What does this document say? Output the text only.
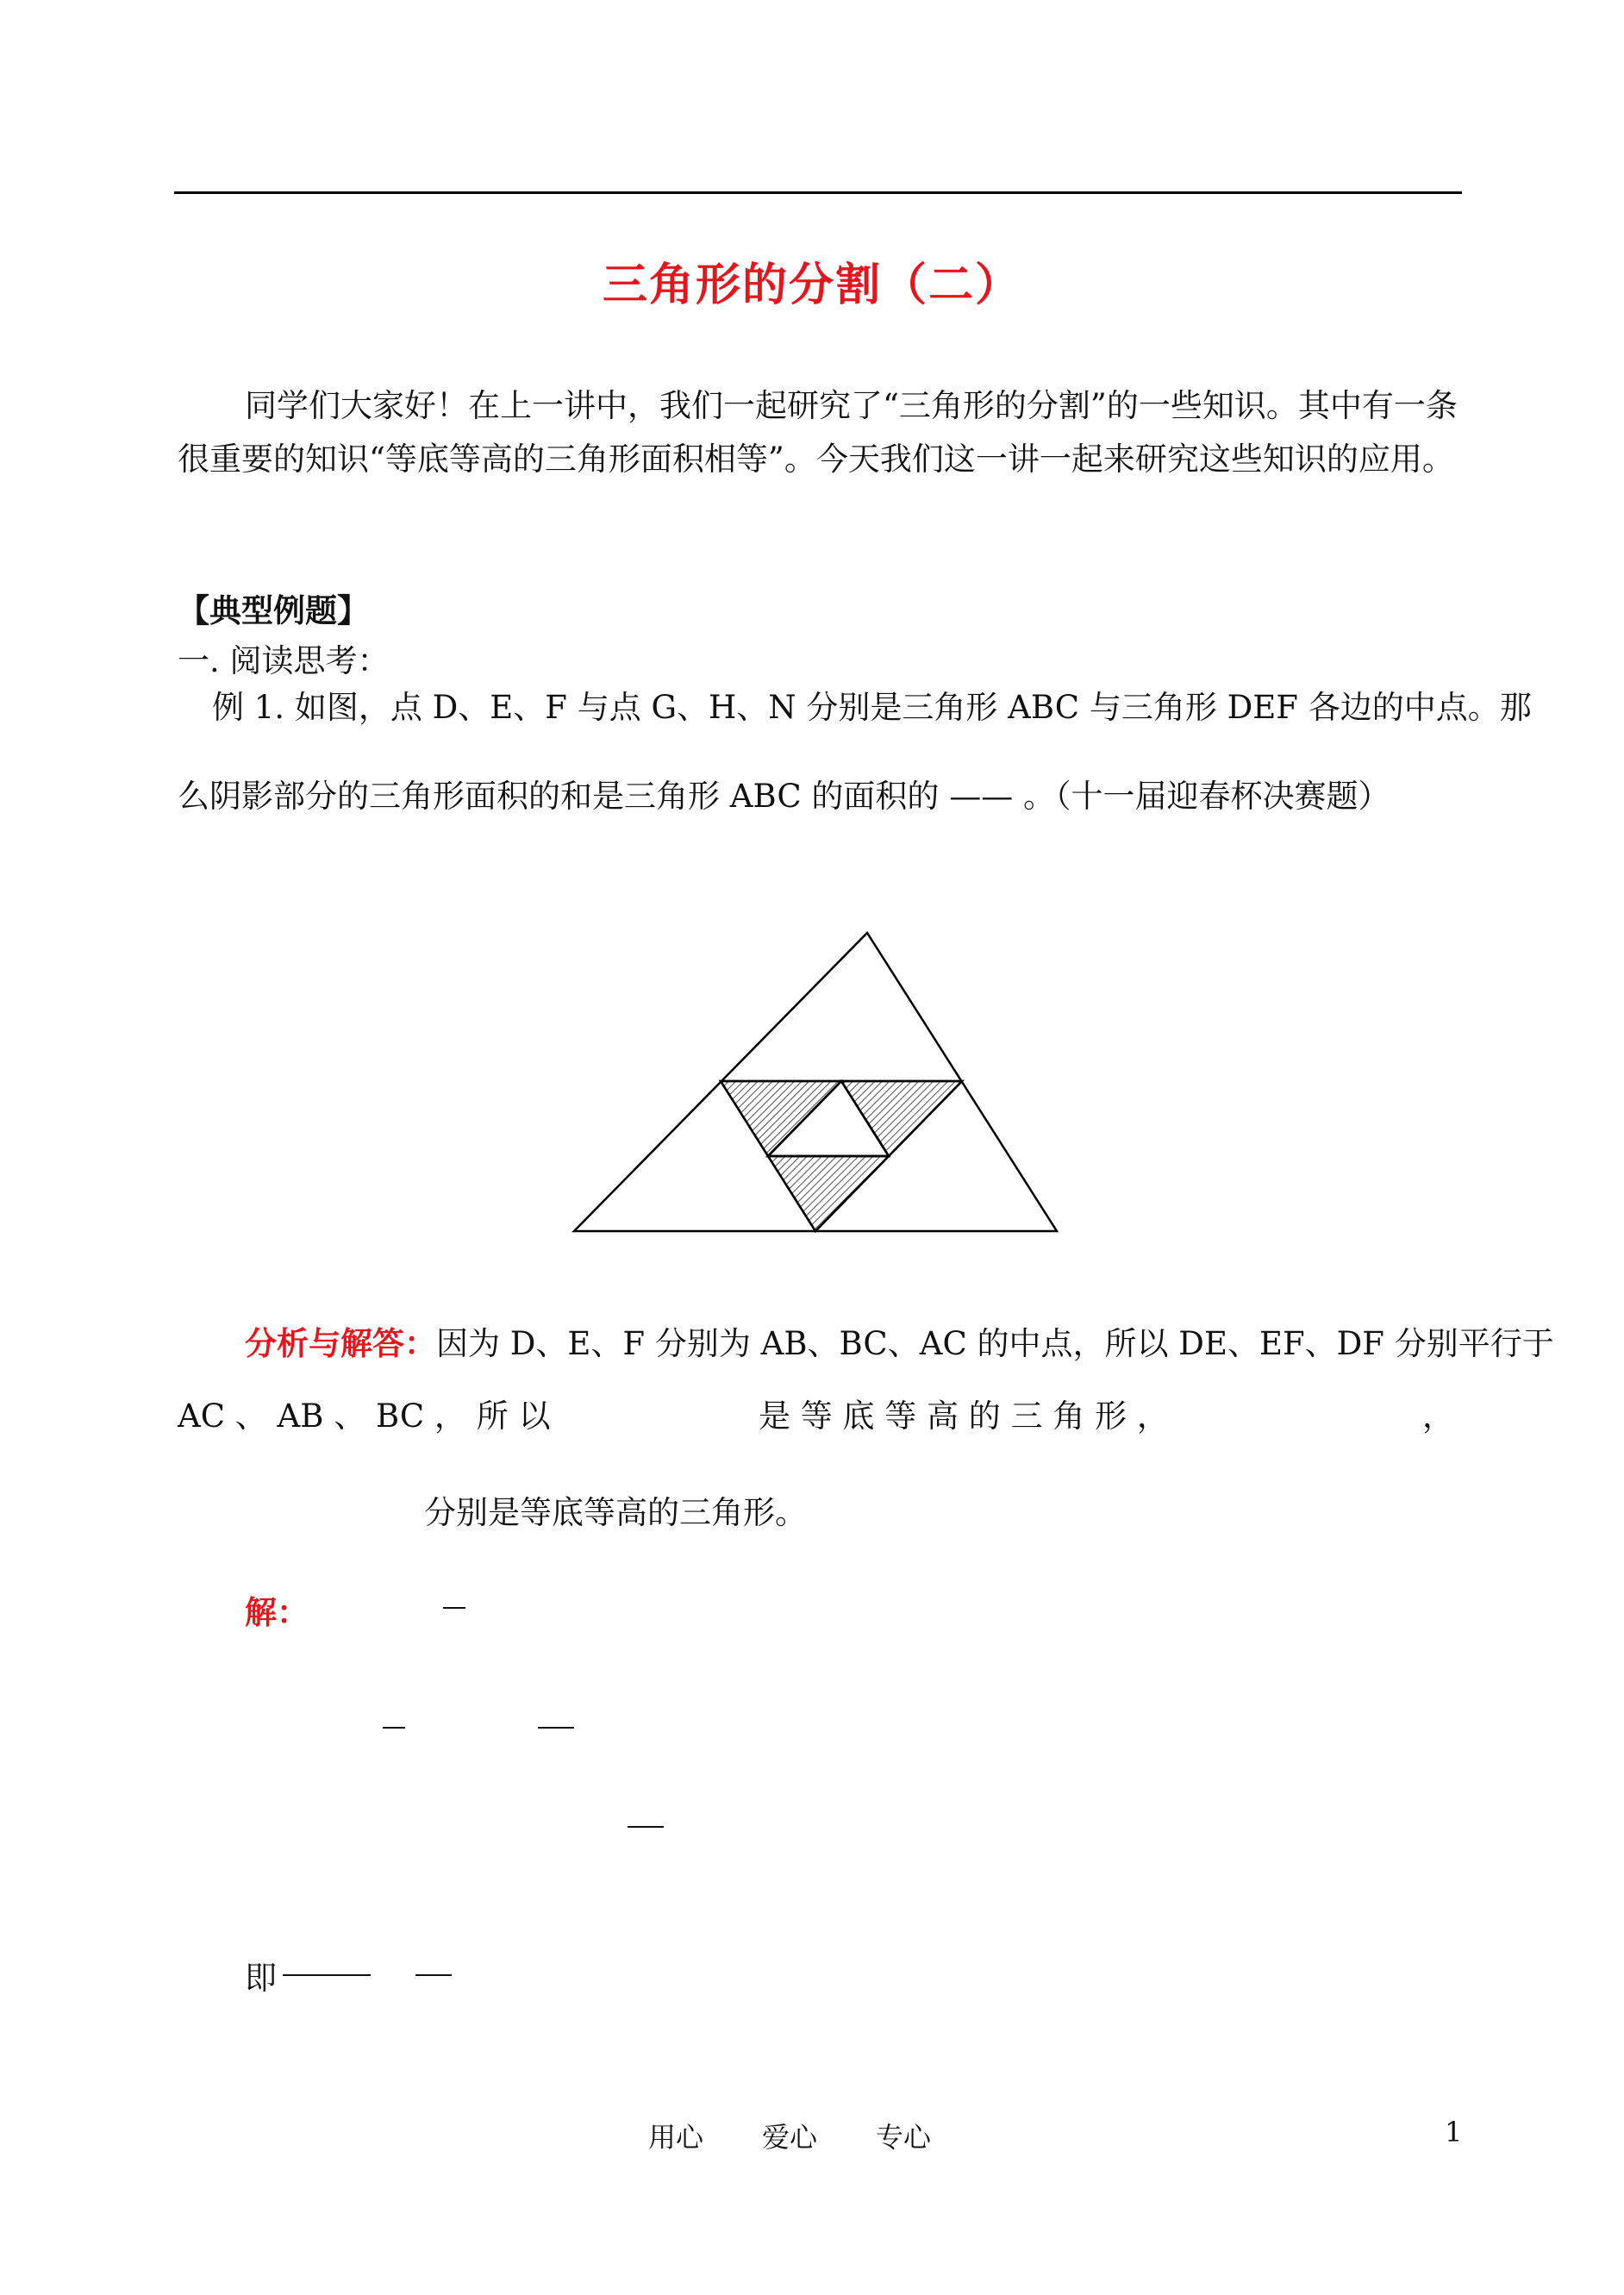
三角形的分割（二）
同学们大家好！在上一讲中，我们一起研究了“三角形的分割”的一些知识。其中有一条很重要的知识“等底等高的三角形面积相等”。今天我们这一讲一起来研究这些知识的应用。
【典型例题】
一. 阅读思考：
例 1. 如图，点 D、E、F 与点 G、H、N 分别是三角形 ABC 与三角形 DEF 各边的中点。那
么阴影部分的三角形面积的和是三角形 ABC 的面积的 —— 。（十一届迎春杯决赛题）
分析与解答：因为 D、E、F 分别为 AB、BC、AC 的中点，所以 DE、EF、DF 分别平行于
AC 、 AB 、 BC ， 所 以	是 等 底 等 高 的 三 角 形 ，	，
分别是等底等高的三角形。
解：
即
用心 爱心 专心	1
